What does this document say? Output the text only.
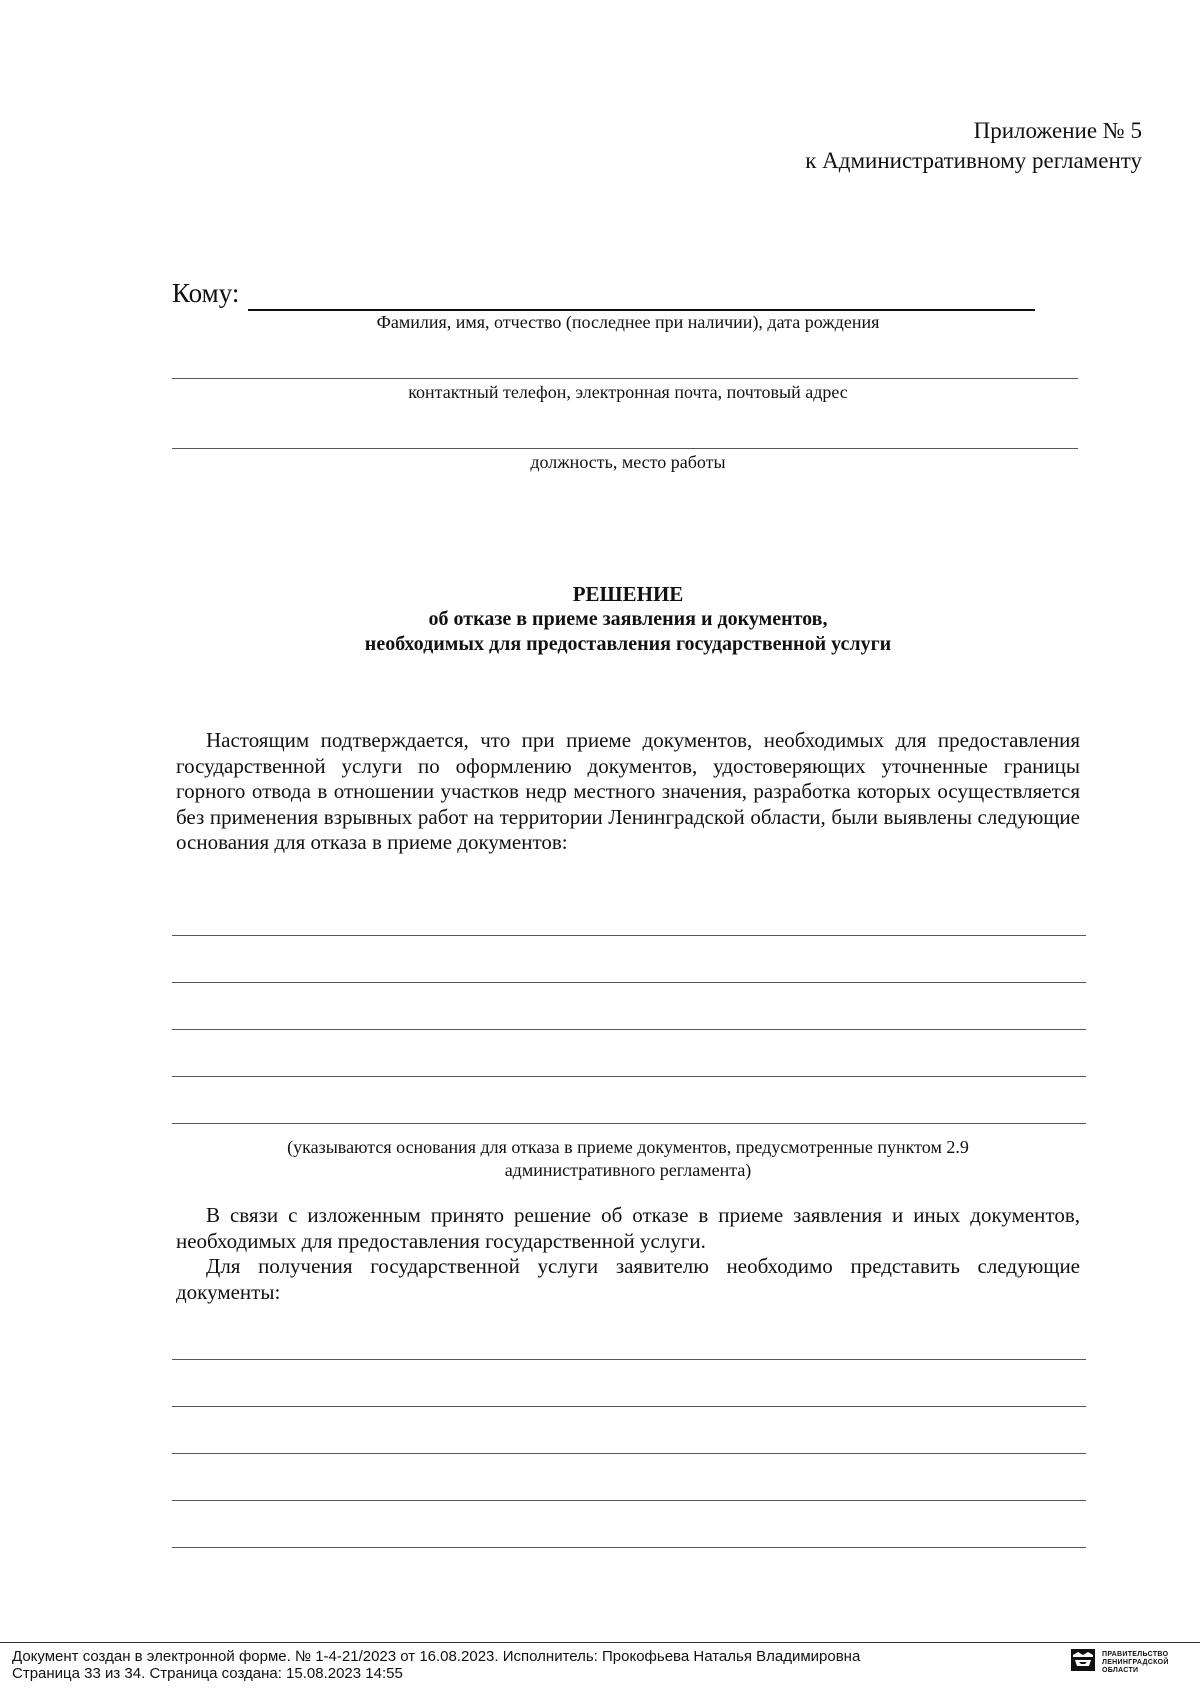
Приложение № 5
к Административному регламенту
Кому:
Фамилия, имя, отчество (последнее при наличии), дата рождения
контактный телефон, электронная почта, почтовый адрес
должность, место работы
РЕШЕНИЕ
об отказе в приеме заявления и документов,
необходимых для предоставления государственной услуги

Настоящим подтверждается, что при приеме документов, необходимых для предоставления государственной услуги по оформлению документов, удостоверяющих уточненные границы горного отвода в отношении участков недр местного значения, разработка которых осуществляется без применения взрывных работ на территории Ленинградской области, были выявлены следующие основания для отказа в приеме документов:

(указываются основания для отказа в приеме документов, предусмотренные пунктом 2.9
административного регламента)

В связи с изложенным принято решение об отказе в приеме заявления и иных документов, необходимых для предоставления государственной услуги.

Для получения государственной услуги заявителю необходимо представить следующие документы:

Документ создан в электронной форме. № 1-4-21/2023 от 16.08.2023. Исполнитель: Прокофьева Наталья Владимировна
Страница 33 из 34. Страница создана: 15.08.2023 14:55
ПРАВИТЕЛЬСТВО
ЛЕНИНГРАДСКОЙ
ОБЛАСТИ
